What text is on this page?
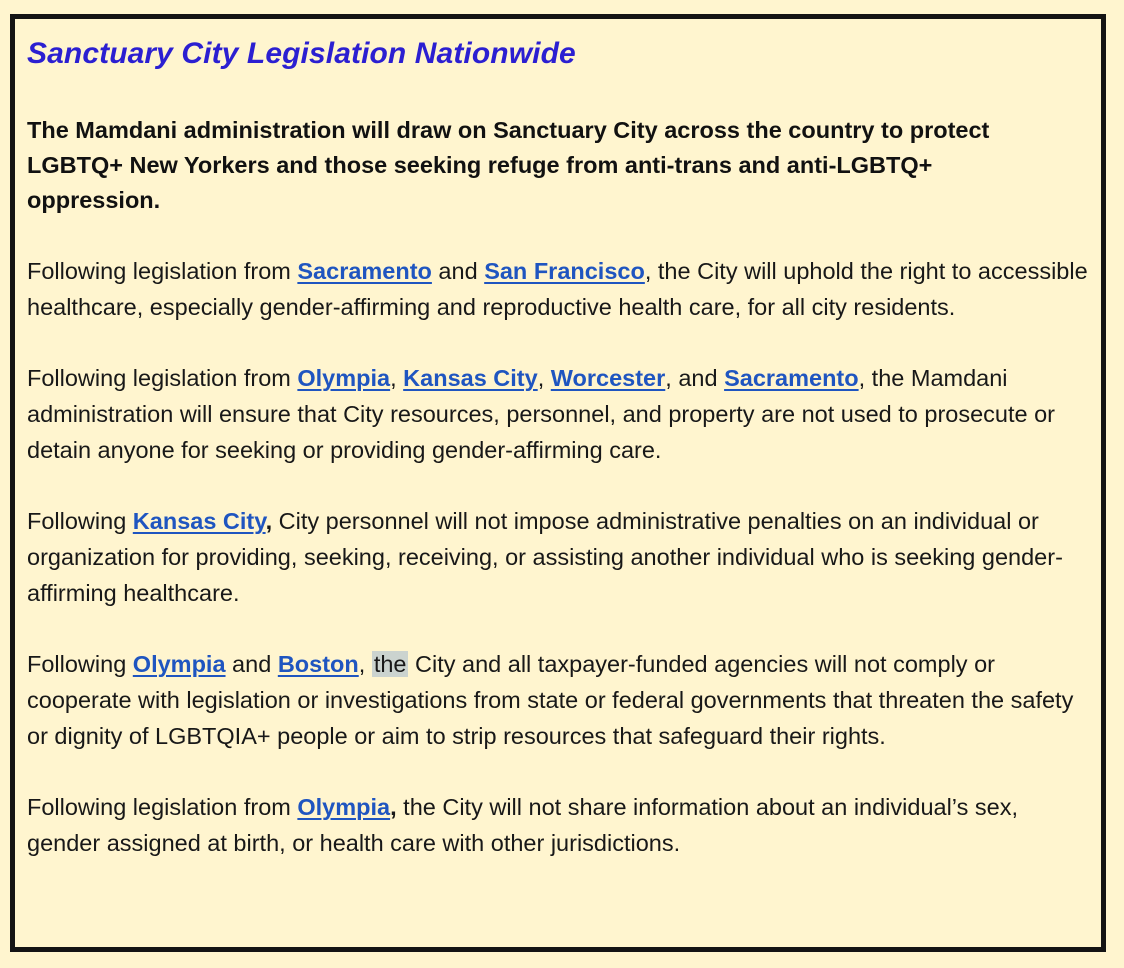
Sanctuary City Legislation Nationwide

The Mamdani administration will draw on Sanctuary City across the country to protect LGBTQ+ New Yorkers and those seeking refuge from anti-trans and anti-LGBTQ+ oppression.

Following legislation from Sacramento and San Francisco, the City will uphold the right to accessible healthcare, especially gender-affirming and reproductive health care, for all city residents.

Following legislation from Olympia, Kansas City, Worcester, and Sacramento, the Mamdani administration will ensure that City resources, personnel, and property are not used to prosecute or detain anyone for seeking or providing gender-affirming care.

Following Kansas City, City personnel will not impose administrative penalties on an individual or organization for providing, seeking, receiving, or assisting another individual who is seeking gender-affirming healthcare.

Following Olympia and Boston, the City and all taxpayer-funded agencies will not comply or cooperate with legislation or investigations from state or federal governments that threaten the safety or dignity of LGBTQIA+ people or aim to strip resources that safeguard their rights.

Following legislation from Olympia, the City will not share information about an individual’s sex, gender assigned at birth, or health care with other jurisdictions.
